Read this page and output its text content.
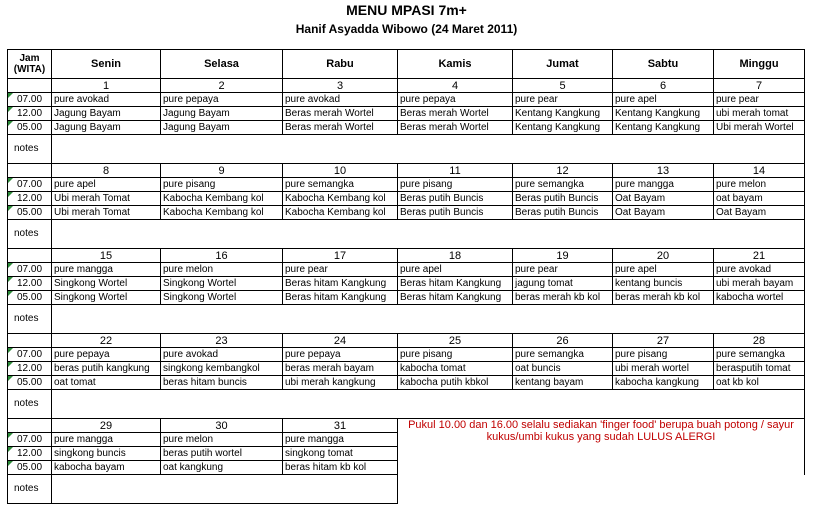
MENU MPASI 7m+
Hanif Asyadda Wibowo (24 Maret 2011)
Jam
(WITA)	Senin	Selasa	Rabu	Kamis	Jumat	Sabtu	Minggu
	1	2	3	4	5	6	7

07.00	pure avokad	pure pepaya	pure avokad	pure pepaya	pure pear	pure apel	pure pear

12.00	Jagung Bayam	Jagung Bayam	Beras merah Wortel	Beras merah Wortel	Kentang Kangkung	Kentang Kangkung	ubi merah tomat

05.00	Jagung Bayam	Jagung Bayam	Beras merah Wortel	Beras merah Wortel	Kentang Kangkung	Kentang Kangkung	Ubi merah Wortel
notes							
	8	9	10	11	12	13	14

07.00	pure apel	pure pisang	pure semangka	pure pisang	pure semangka	pure mangga	pure melon

12.00	Ubi merah Tomat	Kabocha Kembang kol	Kabocha Kembang kol	Beras putih Buncis	Beras putih Buncis	Oat Bayam	oat bayam

05.00	Ubi merah Tomat	Kabocha Kembang kol	Kabocha Kembang kol	Beras putih Buncis	Beras putih Buncis	Oat Bayam	Oat Bayam
notes							
	15	16	17	18	19	20	21

07.00	pure mangga	pure melon	pure pear	pure apel	pure pear	pure apel	pure avokad

12.00	Singkong Wortel	Singkong Wortel	Beras hitam Kangkung	Beras hitam Kangkung	jagung tomat	kentang buncis	ubi merah bayam

05.00	Singkong Wortel	Singkong Wortel	Beras hitam Kangkung	Beras hitam Kangkung	beras merah kb kol	beras merah kb kol	kabocha wortel
notes							
	22	23	24	25	26	27	28

07.00	pure pepaya	pure avokad	pure pepaya	pure pisang	pure semangka	pure pisang	pure semangka

12.00	beras putih kangkung	singkong kembangkol	beras merah bayam	kabocha tomat	oat buncis	ubi merah wortel	berasputih tomat

05.00	oat tomat	beras hitam buncis	ubi merah kangkung	kabocha putih kbkol	kentang bayam	kabocha kangkung	oat kb kol
notes							
	29	30	31	Pukul 10.00 dan 16.00 selalu sediakan 'finger food' berupa buah potong / sayur kukus/umbi kukus yang sudah LULUS ALERGI			

07.00	pure mangga	pure melon	pure mangga				

12.00	singkong buncis	beras putih wortel	singkong tomat				

05.00	kabocha bayam	oat kangkung	beras hitam kb kol				
notes							
